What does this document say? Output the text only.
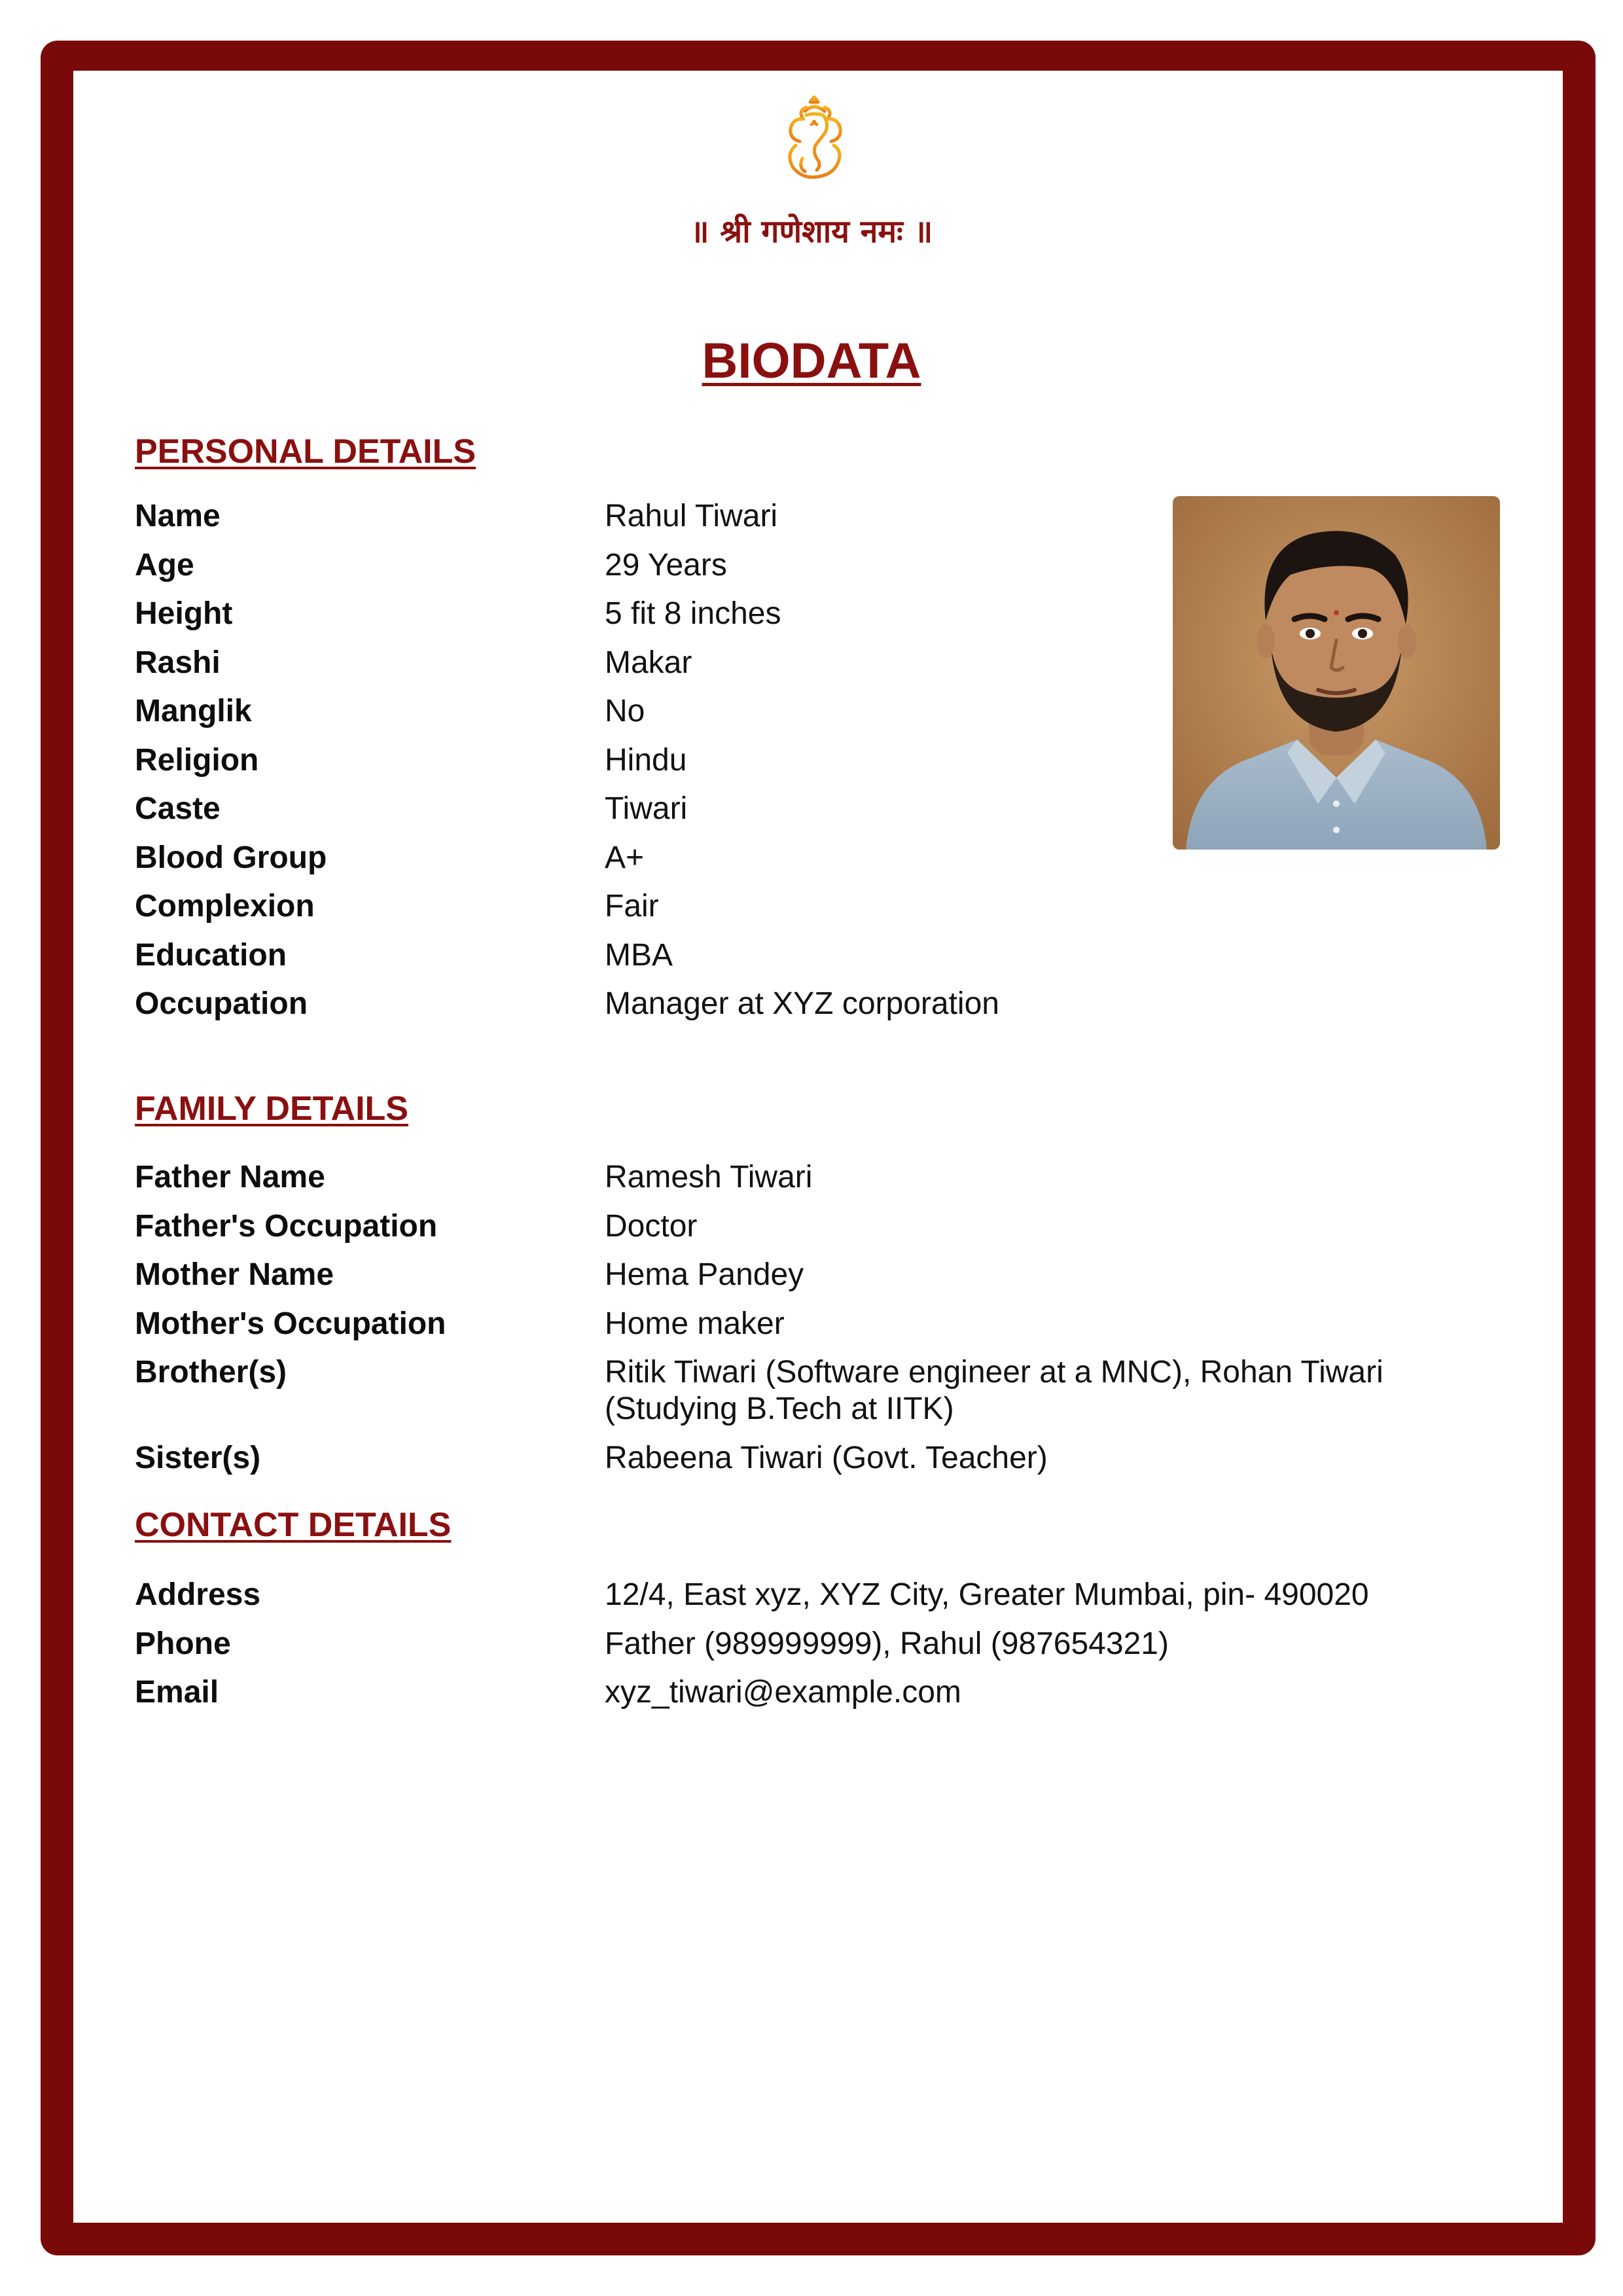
॥ श्री गणेशाय नमः ॥
BIODATA
PERSONAL DETAILS
Name	Rahul Tiwari
Age	29 Years
Height	5 fit 8 inches
Rashi	Makar
Manglik	No
Religion	Hindu
Caste	Tiwari
Blood Group	A+
Complexion	Fair
Education	MBA
Occupation	Manager at XYZ corporation
FAMILY DETAILS
Father Name	Ramesh Tiwari
Father's Occupation	Doctor
Mother Name	Hema Pandey
Mother's Occupation	Home maker
Brother(s)	Ritik Tiwari (Software engineer at a MNC), Rohan Tiwari (Studying B.Tech at IITK)
Sister(s)	Rabeena Tiwari (Govt. Teacher)
CONTACT DETAILS
Address	12/4, East xyz, XYZ City, Greater Mumbai, pin- 490020
Phone	Father (989999999), Rahul (987654321)
Email	xyz_tiwari@example.com
